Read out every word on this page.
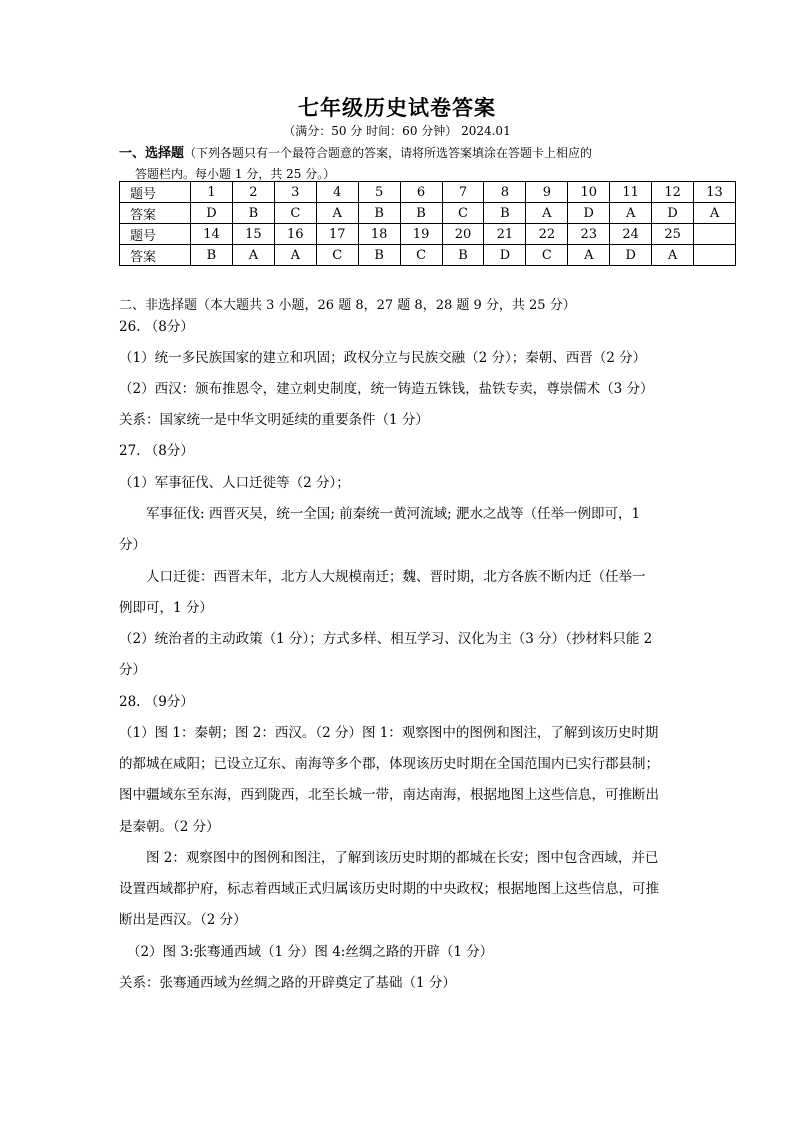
七年级历史试卷答案
（满分：50 分 时间：60 分钟） 2024.01
一、选择题（下列各题只有一个最符合题意的答案，请将所选答案填涂在答题卡上相应的
答题栏内。每小题 1 分，共 25 分。）
题号	1	2	3	4	5	6	7	8	9	10	11	12	13
答案	D	B	C	A	B	B	C	B	A	D	A	D	A
题号	14	15	16	17	18	19	20	21	22	23	24	25	
答案	B	A	A	C	B	C	B	D	C	A	D	A	
二、非选择题（本大题共 3 小题，26 题 8，27 题 8，28 题 9 分，共 25 分）
26. （8分）
（1）统一多民族国家的建立和巩固；政权分立与民族交融（2 分）；秦朝、西晋（2 分）
（2）西汉：颁布推恩令，建立刺史制度，统一铸造五铢钱，盐铁专卖，尊崇儒术（3 分）
关系：国家统一是中华文明延续的重要条件（1 分）
27. （8分）
（1）军事征伐、人口迁徙等（2 分）；
军事征伐: 西晋灭吴，统一全国; 前秦统一黄河流域; 淝水之战等（任举一例即可，1
分）
人口迁徙：西晋末年，北方人大规模南迁；魏、晋时期，北方各族不断内迁（任举一
例即可，1 分）
（2）统治者的主动政策（1 分）；方式多样、相互学习、汉化为主（3 分）（抄材料只能 2
分）
28. （9分）
（1）图 1：秦朝；图 2：西汉。（2 分）图 1：观察图中的图例和图注，了解到该历史时期
的都城在咸阳；已设立辽东、南海等多个郡，体现该历史时期在全国范围内已实行郡县制；
图中疆域东至东海，西到陇西，北至长城一带，南达南海，根据地图上这些信息，可推断出
是秦朝。（2 分）
图 2：观察图中的图例和图注，了解到该历史时期的都城在长安；图中包含西域，并已
设置西域都护府，标志着西域正式归属该历史时期的中央政权；根据地图上这些信息，可推
断出是西汉。（2 分）
（2）图 3:张骞通西域（1 分）图 4:丝绸之路的开辟（1 分）
关系：张骞通西域为丝绸之路的开辟奠定了基础（1 分）
